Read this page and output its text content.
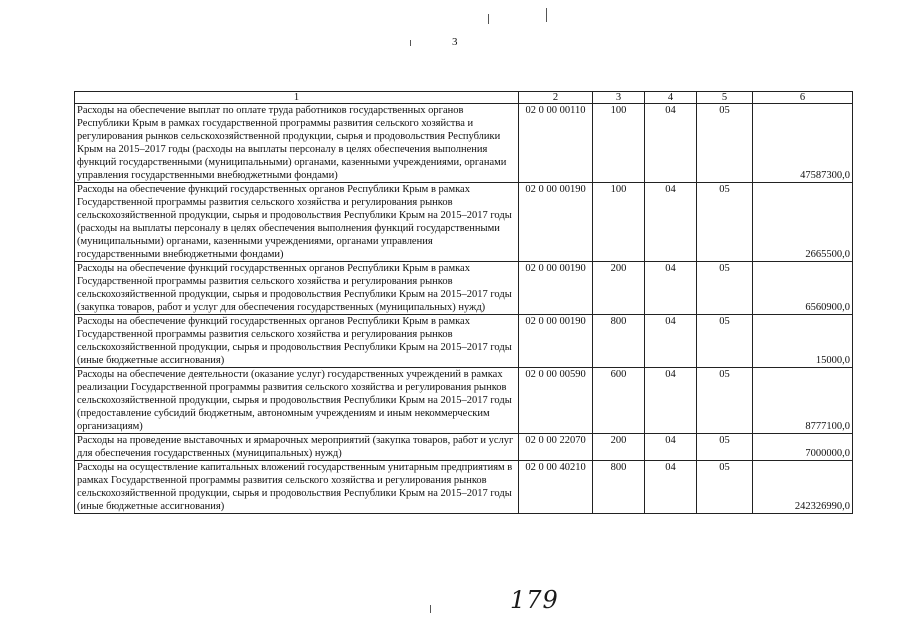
3
1	2	3	4	5	6
Расходы на обеспечение выплат по оплате труда работников государственных органов Республики Крым в рамках государственной программы развития сельского хозяйства и регулирования рынков сельскохозяйственной продукции, сырья и продовольствия Республики Крым на 2015–2017 годы (расходы на выплаты персоналу в целях обеспечения выполнения функций государственными (муниципальными) органами, казенными учреждениями, органами управления государственными внебюджетными фондами)	02 0 00 00110	100	04	05	47587300,0
Расходы на обеспечение функций государственных органов Республики Крым в рамках Государственной программы развития сельского хозяйства и регулирования рынков сельскохозяйственной продукции, сырья и продовольствия Республики Крым на 2015–2017 годы (расходы на выплаты персоналу в целях обеспечения выполнения функций государственными (муниципальными) органами, казенными учреждениями, органами управления государственными внебюджетными фондами)	02 0 00 00190	100	04	05	2665500,0
Расходы на обеспечение функций государственных органов Республики Крым в рамках Государственной программы развития сельского хозяйства и регулирования рынков сельскохозяйственной продукции, сырья и продовольствия Республики Крым на 2015–2017 годы (закупка товаров, работ и услуг для обеспечения государственных (муниципальных) нужд)	02 0 00 00190	200	04	05	6560900,0
Расходы на обеспечение функций государственных органов Республики Крым в рамках Государственной программы развития сельского хозяйства и регулирования рынков сельскохозяйственной продукции, сырья и продовольствия Республики Крым на 2015–2017 годы (иные бюджетные ассигнования)	02 0 00 00190	800	04	05	15000,0
Расходы на обеспечение деятельности (оказание услуг) государственных учреждений в рамках реализации Государственной программы развития сельского хозяйства и регулирования рынков сельскохозяйственной продукции, сырья и продовольствия Республики Крым на 2015–2017 годы (предоставление субсидий бюджетным, автономным учреждениям и иным некоммерческим организациям)	02 0 00 00590	600	04	05	8777100,0
Расходы на проведение выставочных и ярмарочных мероприятий (закупка товаров, работ и услуг для обеспечения государственных (муниципальных) нужд)	02 0 00 22070	200	04	05	7000000,0
Расходы на осуществление капитальных вложений государственным унитарным предприятиям в рамках Государственной программы развития сельского хозяйства и регулирования рынков сельскохозяйственной продукции, сырья и продовольствия Республики Крым на 2015–2017 годы (иные бюджетные ассигнования)	02 0 00 40210	800	04	05	242326990,0
179
